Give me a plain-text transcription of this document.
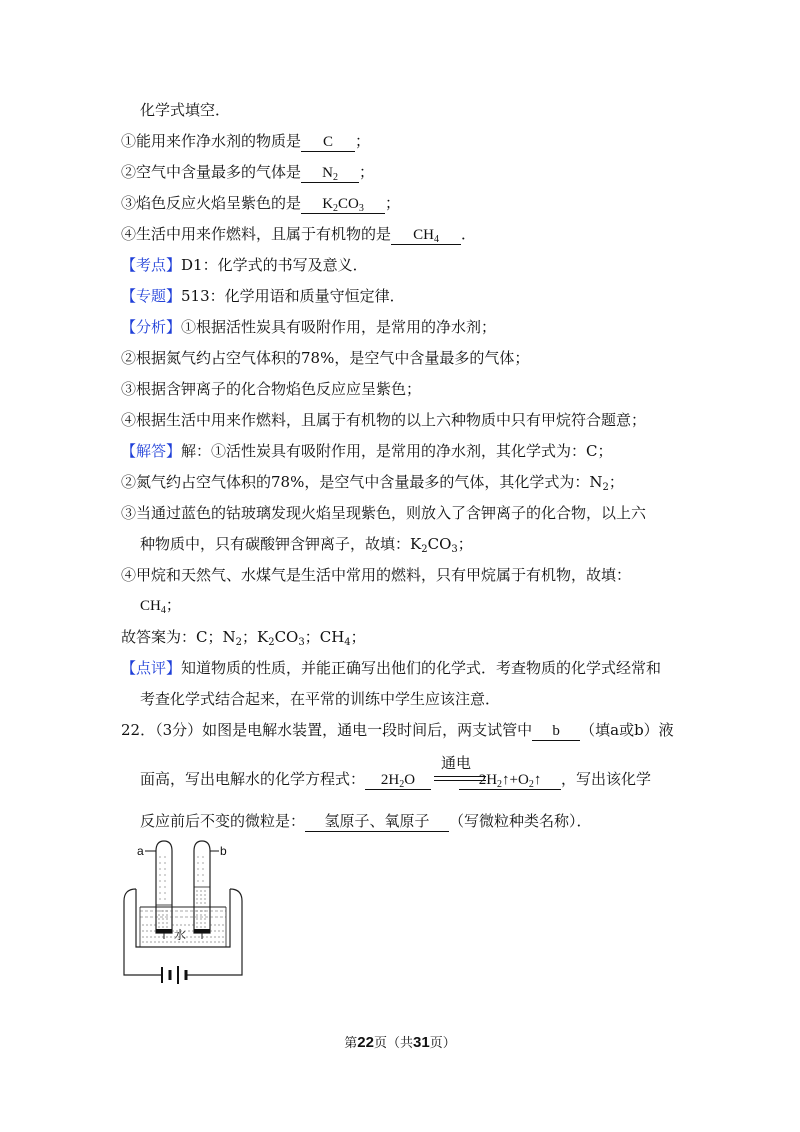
化学式填空．
①能用来作净水剂的物质是 C ；
②空气中含量最多的气体是 $N_2$ ；
③焰色反应火焰呈紫色的是 $K_2CO_3$ ；
④生活中用来作燃料，且属于有机物的是 $CH_4$ ．
【考点】D1：化学式的书写及意义．
【专题】513：化学用语和质量守恒定律．
【分析】①根据活性炭具有吸附作用，是常用的净水剂；
②根据氮气约占空气体积的78%，是空气中含量最多的气体；
③根据含钾离子的化合物焰色反应应呈紫色；
④根据生活中用来作燃料，且属于有机物的以上六种物质中只有甲烷符合题意；
【解答】解：①活性炭具有吸附作用，是常用的净水剂，其化学式为：C；
②氮气约占空气体积的78%，是空气中含量最多的气体，其化学式为：$N_2$；
③当通过蓝色的钴玻璃发现火焰呈现紫色，则放入了含钾离子的化合物，以上六
种物质中，只有碳酸钾含钾离子，故填：$K_2CO_3$；
④甲烷和天然气、水煤气是生活中常用的燃料，只有甲烷属于有机物，故填：
$CH_4$；
故答案为：C；$N_2$；$K_2CO_3$；$CH_4$；
【点评】知道物质的性质，并能正确写出他们的化学式．考查物质的化学式经常和
考查化学式结合起来，在平常的训练中学生应该注意．
22．（3分）如图是电解水装置，通电一段时间后，两支试管中 b （填a或b）液
面高，写出电解水的化学方程式： $2H_2O$	$2H_2↑+O_2↑$ ，写出该化学
通电
反应前后不变的微粒是： 氢原子、氧原子 （写微粒种类名称）．
a	b
水
第22页（共31页）
